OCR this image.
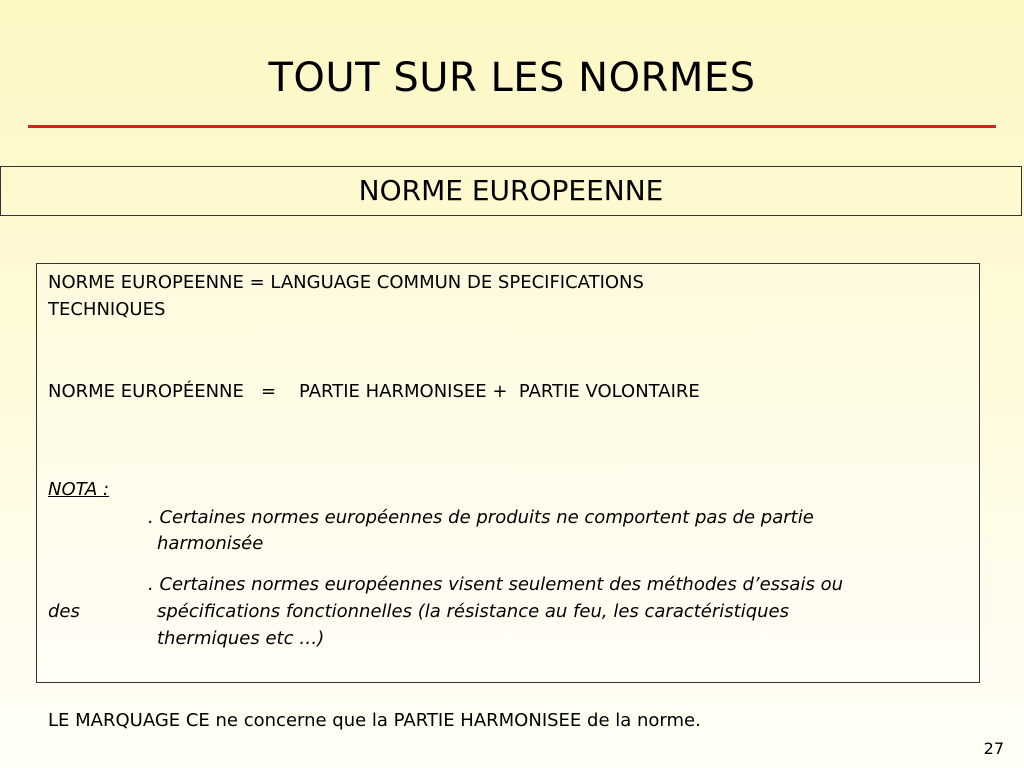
TOUT SUR LES NORMES
NORME EUROPEENNE
NORME EUROPEENNE = LANGUAGE COMMUN DE SPECIFICATIONS
TECHNIQUES
NORME EUROPÉENNE   =    PARTIE HARMONISEE +  PARTIE VOLONTAIRE
NOTA :
. Certaines normes européennes de produits ne comportent pas de partie
harmonisée
. Certaines normes européennes visent seulement des méthodes d’essais ou
des	spécifications fonctionnelles (la résistance au feu, les caractéristiques
thermiques etc …)
LE MARQUAGE CE ne concerne que la PARTIE HARMONISEE de la norme.
27
